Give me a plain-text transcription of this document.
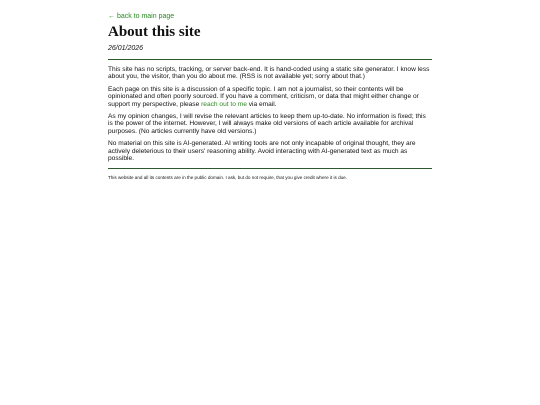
← back to main page
About this site
26/01/2026

This site has no scripts, tracking, or server back-end. It is hand-coded using a static site generator. I know less about you, the visitor, than you do about me. (RSS is not available yet; sorry about that.)

Each page on this site is a discussion of a specific topic. I am not a journalist, so their contents will be opinionated and often poorly sourced. If you have a comment, criticism, or data that might either change or support my perspective, please reach out to me via email.

As my opinion changes, I will revise the relevant articles to keep them up-to-date. No information is fixed; this is the power of the internet. However, I will always make old versions of each article available for archival purposes. (No articles currently have old versions.)

No material on this site is AI-generated. AI writing tools are not only incapable of original thought, they are actively deleterious to their users' reasoning ability. Avoid interacting with AI-generated text as much as possible.

This website and all its contents are in the public domain. I ask, but do not require, that you give credit where it is due.
